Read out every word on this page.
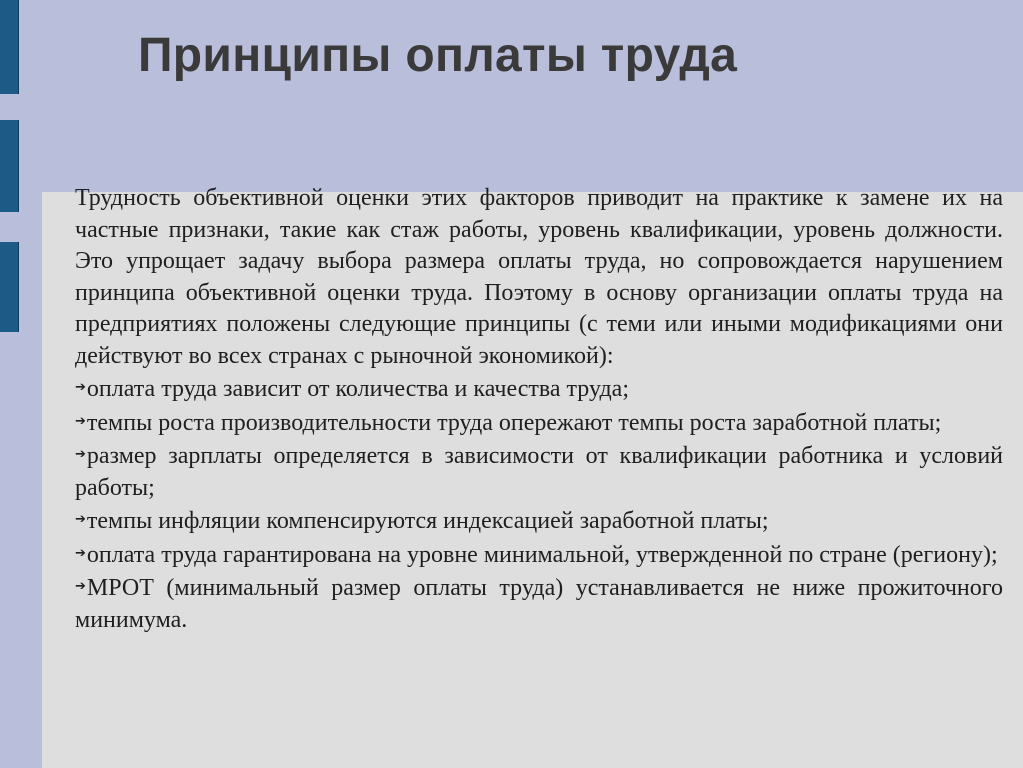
Принципы оплаты труда

Трудность объективной оценки этих факторов приводит на практике к замене их на частные признаки, такие как стаж работы, уровень квалификации, уровень должности. Это упрощает задачу выбора размера оплаты труда, но сопровождается нарушением принципа объективной оценки труда. Поэтому в основу организации оплаты труда на предприятиях положены следующие принципы (с теми или иными модификациями они действуют во всех странах с рыночной экономикой):

➔оплата труда зависит от количества и качества труда;

➔темпы роста производительности труда опережают темпы роста заработной платы;

➔размер зарплаты определяется в зависимости от квалификации работника и условий работы;

➔темпы инфляции компенсируются индексацией заработной платы;

➔оплата труда гарантирована на уровне минимальной, утвержденной по стране (региону);

➔МРОТ (минимальный размер оплаты труда) устанавливается не ниже прожиточного минимума.
